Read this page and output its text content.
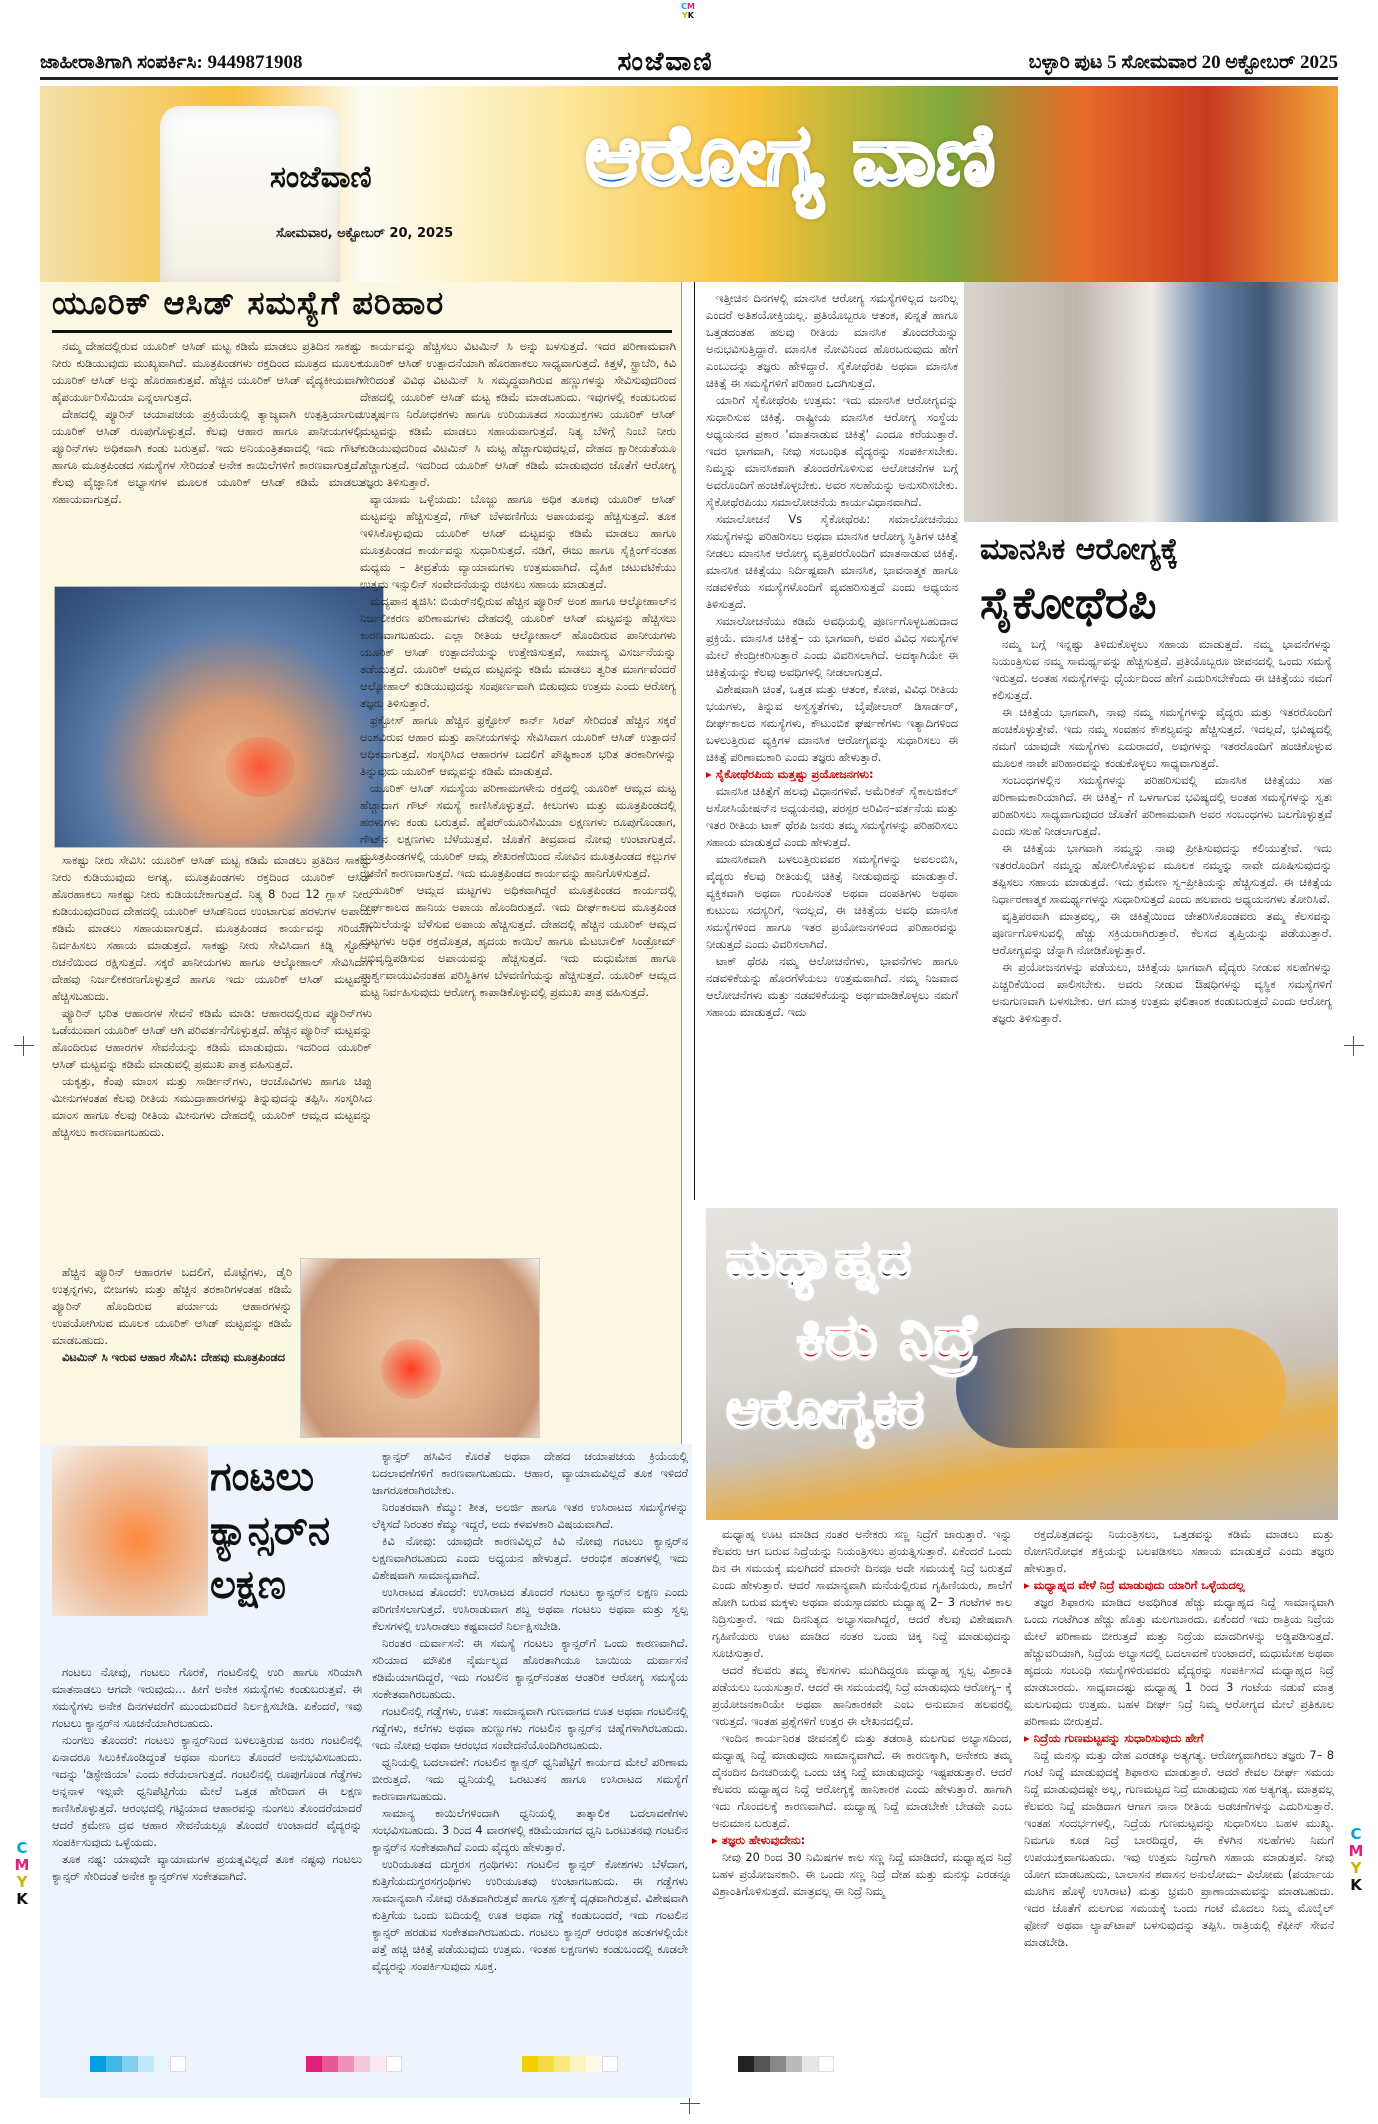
CM
YK
ಜಾಹೀರಾತಿಗಾಗಿ ಸಂಪರ್ಕಿಸಿ: 9449871908	ಸಂಜೆವಾಣಿ	ಬಳ್ಳಾರಿ ಪುಟ 5 ಸೋಮವಾರ 20 ಅಕ್ಟೋಬರ್ 2025
ಸಂಜೆವಾಣಿ
ಸೋಮವಾರ, ಅಕ್ಟೋಬರ್ 20, 2025
ಆರೋಗ್ಯ ವಾಣಿ
ಯೂರಿಕ್ ಆಸಿಡ್ ಸಮಸ್ಯೆಗೆ ಪರಿಹಾರ

ನಮ್ಮ ದೇಹದಲ್ಲಿರುವ ಯೂರಿಕ್ ಆಸಿಡ್ ಮಟ್ಟ ಕಡಿಮೆ ಮಾಡಲು ಪ್ರತಿದಿನ ಸಾಕಷ್ಟು ನೀರು ಕುಡಿಯುವುದು ಮುಖ್ಯವಾಗಿದೆ. ಮೂತ್ರಪಿಂಡಗಳು ರಕ್ತದಿಂದ ಮೂತ್ರದ ಮೂಲಕ ಯೂರಿಕ್ ಆಸಿಡ್ ಅನ್ನು ಹೊರಹಾಕುತ್ತವೆ. ಹೆಚ್ಚಿನ ಯೂರಿಕ್ ಆಸಿಡ್ ವೈದ್ಯಕೀಯವಾಗಿ ಹೈಪರ್ಯೂರಿಸೆಮಿಯಾ ಎನ್ನಲಾಗುತ್ತದೆ.

ದೇಹದಲ್ಲಿ ಪ್ಯೂರಿನ್ ಚಯಾಪಚಯ ಪ್ರಕ್ರಿಯೆಯಲ್ಲಿ ತ್ಯಾಜ್ಯವಾಗಿ ಉತ್ಪತ್ತಿಯಾಗುವ ಯೂರಿಕ್ ಆಸಿಡ್ ರೂಪುಗೊಳ್ಳುತ್ತದೆ. ಕೆಲವು ಆಹಾರ ಹಾಗೂ ಪಾನೀಯಗಳಲ್ಲಿ ಪ್ಯೂರಿನ್‌ಗಳು ಅಧಿಕವಾಗಿ ಕಂಡು ಬರುತ್ತವೆ. ಇದು ಅನಿಯಂತ್ರಿತವಾದಲ್ಲಿ ಇದು ಗೌಟ್ ಹಾಗೂ ಮೂತ್ರಪಿಂಡದ ಸಮಸ್ಯೆಗಳ ಸೇರಿದಂತೆ ಅನೇಕ ಕಾಯಿಲೆಗಳಿಗೆ ಕಾರಣವಾಗುತ್ತದೆ. ಕೆಲವು ವೈಜ್ಞಾನಿಕ ಅಭ್ಯಾಸಗಳ ಮೂಲಕ ಯೂರಿಕ್ ಆಸಿಡ್ ಕಡಿಮೆ ಮಾಡಲು ಸಹಾಯವಾಗುತ್ತದೆ.

ಸಾಕಷ್ಟು ನೀರು ಸೇವಿಸಿ: ಯೂರಿಕ್ ಆಸಿಡ್ ಮಟ್ಟ ಕಡಿಮೆ ಮಾಡಲು ಪ್ರತಿದಿನ ಸಾಕಷ್ಟು ನೀರು ಕುಡಿಯುವುದು ಅಗತ್ಯ. ಮೂತ್ರಪಿಂಡಗಳು ರಕ್ತದಿಂದ ಯೂರಿಕ್ ಆಸಿಡ್ ಹೊರಹಾಕಲು ಸಾಕಷ್ಟು ನೀರು ಕುಡಿಯಬೇಕಾಗುತ್ತದೆ. ನಿತ್ಯ 8 ರಿಂದ 12 ಗ್ಲಾಸ್ ನೀರು ಕುಡಿಯುವುದರಿಂದ ದೇಹದಲ್ಲಿ ಯೂರಿಕ್ ಆಸಿಡ್‌ನಿಂದ ಉಂಟಾಗುವ ಹರಳುಗಳ ಅಪಾಯ ಕಡಿಮೆ ಮಾಡಲು ಸಹಾಯವಾಗುತ್ತದೆ. ಮೂತ್ರಪಿಂಡದ ಕಾರ್ಯವನ್ನು ಸರಿಯಾಗಿ ನಿರ್ವಹಿಸಲು ಸಹಾಯ ಮಾಡುತ್ತದೆ. ಸಾಕಷ್ಟು ನೀರು ಸೇವಿಸಿದಾಗ ಕಿಡ್ನಿ ಸ್ಟೋನ್ ರಚನೆಯಿಂದ ರಕ್ಷಿಸುತ್ತದೆ. ಸಕ್ಕರೆ ಪಾನೀಯಗಳು ಹಾಗೂ ಆಲ್ಕೋಹಾಲ್ ಸೇವಿಸಿದಾಗ ದೇಹವು ನಿರ್ಜಲೀಕರಣಗೊಳ್ಳುತ್ತದೆ ಹಾಗೂ ಇದು ಯೂರಿಕ್ ಆಸಿಡ್ ಮಟ್ಟವನ್ನು ಹೆಚ್ಚಿಸಬಹುದು.

ಪ್ಯೂರಿನ್ ಭರಿತ ಆಹಾರಗಳ ಸೇವನೆ ಕಡಿಮೆ ಮಾಡಿ: ಆಹಾರದಲ್ಲಿರುವ ಪ್ಯೂರಿನ್‌ಗಳು ಒಡೆಯುವಾಗ ಯೂರಿಕ್ ಆಸಿಡ್ ಆಗಿ ಪರಿವರ್ತನೆಗೊಳ್ಳುತ್ತದೆ. ಹೆಚ್ಚಿನ ಪ್ಯೂರಿನ್ ಮಟ್ಟವನ್ನು ಹೊಂದಿರುವ ಆಹಾರಗಳ ಸೇವನೆಯನ್ನು ಕಡಿಮೆ ಮಾಡುವುದು. ಇದರಿಂದ ಯೂರಿಕ್ ಆಸಿಡ್ ಮಟ್ಟವನ್ನು ಕಡಿಮೆ ಮಾಡುವಲ್ಲಿ ಪ್ರಮುಖ ಪಾತ್ರ ವಹಿಸುತ್ತದೆ.

ಯಕೃತ್ತು, ಕೆಂಪು ಮಾಂಸ ಮತ್ತು ಸಾರ್ಡೀನ್‌ಗಳು, ಆಂಚೊವಿಗಳು ಹಾಗೂ ಚಿಪ್ಪು ಮೀನುಗಳಂತಹ ಕೆಲವು ರೀತಿಯ ಸಮುದ್ರಾಹಾರಗಳನ್ನು ತಿನ್ನುವುದನ್ನು ತಪ್ಪಿಸಿ. ಸಂಸ್ಕರಿಸಿದ ಮಾಂಸ ಹಾಗೂ ಕೆಲವು ರೀತಿಯ ಮೀನುಗಳು ದೇಹದಲ್ಲಿ ಯೂರಿಕ್ ಆಮ್ಲದ ಮಟ್ಟವನ್ನು ಹೆಚ್ಚಿಸಲು ಕಾರಣವಾಗಬಹುದು.

ಹೆಚ್ಚಿನ ಪ್ಯೂರಿನ್ ಆಹಾರಗಳ ಬದಲಿಗೆ, ಮೊಟ್ಟೆಗಳು, ಡೈರಿ ಉತ್ಪನ್ನಗಳು, ಬೀಜಗಳು ಮತ್ತು ಹೆಚ್ಚಿನ ತರಕಾರಿಗಳಂತಹ ಕಡಿಮೆ ಪ್ಯೂರಿನ್ ಹೊಂದಿರುವ ಪರ್ಯಾಯ ಆಹಾರಗಳನ್ನು ಉಪಯೋಗಿಸುವ ಮೂಲಕ ಯೂರಿಕ್ ಆಸಿಡ್ ಮಟ್ಟವನ್ನು ಕಡಿಮೆ ಮಾಡಬಹುದು.

ವಿಟಮಿನ್ ಸಿ ಇರುವ ಆಹಾರ ಸೇವಿಸಿ: ದೇಹವು ಮೂತ್ರಪಿಂಡದ

ಕಾರ್ಯವನ್ನು ಹೆಚ್ಚಿಸಲು ವಿಟಮಿನ್ ಸಿ ಅನ್ನು ಬಳಸುತ್ತದೆ. ಇದರ ಪರಿಣಾಮವಾಗಿ ಯೂರಿಕ್ ಆಸಿಡ್ ಉತ್ಪಾದನೆಯಾಗಿ ಹೊರಹಾಕಲು ಸಾಧ್ಯವಾಗುತ್ತದೆ. ಕಿತ್ತಳೆ, ಸ್ಟ್ರಾಬೆರಿ, ಕಿವಿ ಸೇರಿದಂತೆ ವಿವಿಧ ವಿಟಮಿನ್ ಸಿ ಸಮೃದ್ಧವಾಗಿರುವ ಹಣ್ಣುಗಳನ್ನು ಸೇವಿಸುವುದರಿಂದ ದೇಹದಲ್ಲಿ ಯೂರಿಕ್ ಆಸಿಡ್ ಮಟ್ಟ ಕಡಿಮೆ ಮಾಡಬಹುದು. ಇವುಗಳಲ್ಲಿ ಕಂಡುಬರುವ ಉತ್ಕರ್ಷಣ ನಿರೋಧಕಗಳು ಹಾಗೂ ಉರಿಯೂತದ ಸಂಯುಕ್ತಗಳು ಯೂರಿಕ್ ಆಸಿಡ್ ಮಟ್ಟವನ್ನು ಕಡಿಮೆ ಮಾಡಲು ಸಹಾಯವಾಗುತ್ತದೆ. ನಿತ್ಯ ಬೆಳಿಗ್ಗೆ ನಿಂಬೆ ನೀರು ಕುಡಿಯುವುದರಿಂದ ವಿಟಮಿನ್ ಸಿ ಮಟ್ಟ ಹೆಚ್ಚಾಗುವುದಲ್ಲದೆ, ದೇಹದ ಕ್ಷಾರೀಯತೆಯೂ ಹೆಚ್ಚಾಗುತ್ತದೆ. ಇದರಿಂದ ಯೂರಿಕ್ ಆಸಿಡ್ ಕಡಿಮೆ ಮಾಡುವುದರ ಜೊತೆಗೆ ಆರೋಗ್ಯ ತಜ್ಞರು ತಿಳಿಸುತ್ತಾರೆ.

ವ್ಯಾಯಾಮ ಒಳ್ಳೆಯದು: ಬೊಜ್ಜು ಹಾಗೂ ಅಧಿಕ ತೂಕವು ಯೂರಿಕ್ ಆಸಿಡ್ ಮಟ್ಟವನ್ನು ಹೆಚ್ಚಿಸುತ್ತದೆ, ಗೌಟ್ ಬೆಳವಣಿಗೆಯ ಅಪಾಯವನ್ನು ಹೆಚ್ಚಿಸುತ್ತದೆ. ತೂಕ ಇಳಿಸಿಕೊಳ್ಳುವುದು ಯೂರಿಕ್ ಆಸಿಡ್ ಮಟ್ಟವನ್ನು ಕಡಿಮೆ ಮಾಡಲು ಹಾಗೂ ಮೂತ್ರಪಿಂಡದ ಕಾರ್ಯವನ್ನು ಸುಧಾರಿಸುತ್ತದೆ. ನಡಿಗೆ, ಈಜು ಹಾಗೂ ಸೈಕ್ಲಿಂಗ್‌ನಂತಹ ಮಧ್ಯಮ – ತೀವ್ರತೆಯ ವ್ಯಾಯಾಮಗಳು ಉತ್ತಮವಾಗಿದೆ. ದೈಹಿಕ ಚಟುವಟಿಕೆಯು ಉತ್ತಮ ಇನ್ಸುಲಿನ್ ಸಂವೇದನೆಯನ್ನು ರಚಿಸಲು ಸಹಾಯ ಮಾಡುತ್ತದೆ.

ಮದ್ಯಪಾನ ತ್ಯಜಿಸಿ: ಬಿಯರ್‌ನಲ್ಲಿರುವ ಹೆಚ್ಚಿನ ಪ್ಯೂರಿನ್ ಅಂಶ ಹಾಗೂ ಆಲ್ಕೋಹಾಲ್‌ನ ನಿರ್ಜಲೀಕರಣ ಪರಿಣಾಮಗಳು ದೇಹದಲ್ಲಿ ಯೂರಿಕ್ ಆಸಿಡ್ ಮಟ್ಟವನ್ನು ಹೆಚ್ಚಿಸಲು ಕಾರಣವಾಗಬಹುದು. ಎಲ್ಲಾ ರೀತಿಯ ಆಲ್ಕೋಹಾಲ್ ಹೊಂದಿರುವ ಪಾನೀಯಗಳು ಯೂರಿಕ್ ಆಸಿಡ್ ಉತ್ಪಾದನೆಯನ್ನು ಉತ್ತೇಜಿಸುತ್ತವೆ, ಸಾಮಾನ್ಯ ವಿಸರ್ಜನೆಯನ್ನು ತಡೆಯುತ್ತದೆ. ಯೂರಿಕ್ ಆಮ್ಲದ ಮಟ್ಟವನ್ನು ಕಡಿಮೆ ಮಾಡಲು ತ್ವರಿತ ಮಾರ್ಗವೆಂದರೆ ಆಲ್ಕೋಹಾಲ್ ಕುಡಿಯುವುದನ್ನು ಸಂಪೂರ್ಣವಾಗಿ ಬಿಡುವುದು ಉತ್ತಮ ಎಂದು ಆರೋಗ್ಯ ತಜ್ಞರು ತಿಳಿಸುತ್ತಾರೆ.

ಫ್ರಕ್ಟೋಸ್ ಹಾಗೂ ಹೆಚ್ಚಿನ ಫ್ರಕ್ಟೋಸ್ ಕಾರ್ನ್ ಸಿರಪ್ ಸೇರಿದಂತೆ ಹೆಚ್ಚಿನ ಸಕ್ಕರೆ ಅಂಶವಿರುವ ಆಹಾರ ಮತ್ತು ಪಾನೀಯಗಳನ್ನು ಸೇವಿಸಿದಾಗ ಯೂರಿಕ್ ಆಸಿಡ್ ಉತ್ಪಾದನೆ ಅಧಿಕವಾಗುತ್ತದೆ. ಸಂಸ್ಕರಿಸಿದ ಆಹಾರಗಳ ಬದಲಿಗೆ ಪೌಷ್ಟಿಕಾಂಶ ಭರಿತ ತರಕಾರಿಗಳನ್ನು ತಿನ್ನುವುದು ಯೂರಿಕ್ ಆಮ್ಲವನ್ನು ಕಡಿಮೆ ಮಾಡುತ್ತದೆ.

ಯೂರಿಕ್ ಆಸಿಡ್ ಸಮಸ್ಯೆಯ ಪರಿಣಾಮಗಳೇನು ರಕ್ತದಲ್ಲಿ ಯೂರಿಕ್ ಆಮ್ಲದ ಮಟ್ಟ ಹೆಚ್ಚಾದಾಗ ಗೌಟ್ ಸಮಸ್ಯೆ ಕಾಣಿಸಿಕೊಳ್ಳುತ್ತದೆ. ಕೀಲುಗಳು ಮತ್ತು ಮೂತ್ರಪಿಂಡದಲ್ಲಿ ಹರಳುಗಳು ಕಂಡು ಬರುತ್ತವೆ. ಹೈಪರ್‌ಯೂರಿಸೆಮಿಯಾ ಲಕ್ಷಣಗಳು ರೂಪುಗೊಂಡಾಗ, ಗೌಟ್‌ನ ಲಕ್ಷಣಗಳು ಬೆಳೆಯುತ್ತವೆ. ಜೊತೆಗೆ ತೀವ್ರವಾದ ನೋವು ಉಂಟಾಗುತ್ತದೆ. ಮೂತ್ರಪಿಂಡಗಳಲ್ಲಿ ಯೂರಿಕ್ ಆಮ್ಲ ಶೇಖರಣೆಯಿಂದ ನೋವಿನ ಮೂತ್ರಪಿಂಡದ ಕಲ್ಲುಗಳ ರಚನೆಗೆ ಕಾರಣವಾಗುತ್ತದೆ. ಇದು ಮೂತ್ರಪಿಂಡದ ಕಾರ್ಯವನ್ನು ಹಾನಿಗೊಳಿಸುತ್ತದೆ.

ಯೂರಿಕ್ ಆಮ್ಲದ ಮಟ್ಟಗಳು ಅಧಿಕವಾಗಿದ್ದರೆ ಮೂತ್ರಪಿಂಡದ ಕಾರ್ಯದಲ್ಲಿ ದೀರ್ಘಕಾಲದ ಹಾನಿಯ ಅಪಾಯ ಹೊಂದಿರುತ್ತದೆ. ಇದು ದೀರ್ಘಕಾಲದ ಮೂತ್ರಪಿಂಡ ಕಾಯಿಲೆಯನ್ನು ಬೆಳೆಸುವ ಅಪಾಯ ಹೆಚ್ಚಿಸುತ್ತದೆ. ದೇಹದಲ್ಲಿ ಹೆಚ್ಚಿನ ಯೂರಿಕ್ ಆಮ್ಲದ ಮಟ್ಟಗಳು ಅಧಿಕ ರಕ್ತದೊತ್ತಡ, ಹೃದಯ ಕಾಯಿಲೆ ಹಾಗೂ ಮೆಟಬಾಲಿಕ್ ಸಿಂಡ್ರೋಮ್ ಅಭಿವೃದ್ಧಿಪಡಿಸುವ ಅಪಾಯವನ್ನು ಹೆಚ್ಚಿಸುತ್ತದೆ. ಇದು ಮಧುಮೇಹ ಹಾಗೂ ಪಾರ್ಶ್ವವಾಯುವಿನಂತಹ ಪರಿಸ್ಥಿತಿಗಳ ಬೆಳವಣಿಗೆಯನ್ನು ಹೆಚ್ಚಿಸುತ್ತದೆ. ಯೂರಿಕ್ ಆಮ್ಲದ ಮಟ್ಟ ನಿರ್ವಹಿಸುವುದು ಆರೋಗ್ಯ ಕಾಪಾಡಿಕೊಳ್ಳುವಲ್ಲಿ ಪ್ರಮುಖ ಪಾತ್ರ ವಹಿಸುತ್ತದೆ.

ಗಂಟಲು ಕ್ಯಾನ್ಸರ್‌ನ ಲಕ್ಷಣ

ಗಂಟಲು ನೋವು, ಗಂಟಲು ಗೊರಕೆ, ಗಂಟಲಿನಲ್ಲಿ ಉರಿ ಹಾಗೂ ಸರಿಯಾಗಿ ಮಾತನಾಡಲು ಆಗದೇ ಇರುವುದು... ಹೀಗೆ ಅನೇಕ ಸಮಸ್ಯೆಗಳು ಕಂಡುಬರುತ್ತವೆ. ಈ ಸಮಸ್ಯೆಗಳು ಅನೇಕ ದಿನಗಳವರೆಗೆ ಮುಂದುವರಿದರೆ ನಿರ್ಲಕ್ಷಿಸಬೇಡಿ. ಏಕೆಂದರೆ, ಇವು ಗಂಟಲು ಕ್ಯಾನ್ಸರ್‌ನ ಸೂಚನೆಯಾಗಿರಬಹುದು.

ನುಂಗಲು ತೊಂದರೆ: ಗಂಟಲು ಕ್ಯಾನ್ಸರ್‌ನಿಂದ ಬಳಲುತ್ತಿರುವ ಜನರು ಗಂಟಲಿನಲ್ಲಿ ಏನಾದರೂ ಸಿಲುಕಿಕೊಂಡಿದ್ದಂತೆ ಅಥವಾ ನುಂಗಲು ತೊಂದರೆ ಅನುಭವಿಸಬಹುದು. ಇದನ್ನು 'ಡಿಸ್ಫೇಜಿಯಾ' ಎಂದು ಕರೆಯಲಾಗುತ್ತದೆ. ಗಂಟಲಿನಲ್ಲಿ ರೂಪುಗೊಂಡ ಗೆಡ್ಡೆಗಳು ಅನ್ನನಾಳ ಇಲ್ಲವೇ ಧ್ವನಿಪೆಟ್ಟಿಗೆಯ ಮೇಲೆ ಒತ್ತಡ ಹೇರಿದಾಗ ಈ ಲಕ್ಷಣ ಕಾಣಿಸಿಕೊಳ್ಳುತ್ತದೆ. ಆರಂಭದಲ್ಲಿ ಗಟ್ಟಿಯಾದ ಆಹಾರವನ್ನು ನುಂಗಲು ತೊಂದರೆಯಾದರೆ ಆದರೆ ಕ್ರಮೇಣ ದ್ರವ ಆಹಾರ ಸೇವನೆಯಲ್ಲೂ ತೊಂದರೆ ಉಂಟಾದರೆ ವೈದ್ಯರನ್ನು ಸಂಪರ್ಕಿಸುವುದು ಒಳ್ಳೆಯದು.

ತೂಕ ನಷ್ಟ: ಯಾವುದೇ ವ್ಯಾಯಾಮಗಳ ಪ್ರಯತ್ನವಿಲ್ಲದೆ ತೂಕ ನಷ್ಟವು ಗಂಟಲು ಕ್ಯಾನ್ಸರ್ ಸೇರಿದಂತೆ ಅನೇಕ ಕ್ಯಾನ್ಸರ್‌ಗಳ ಸಂಕೇತವಾಗಿದೆ.

ಕ್ಯಾನ್ಸರ್ ಹಸಿವಿನ ಕೊರತೆ ಅಥವಾ ದೇಹದ ಚಯಾಪಚಯ ಕ್ರಿಯೆಯಲ್ಲಿ ಬದಲಾವಣೆಗಳಿಗೆ ಕಾರಣವಾಗಬಹುದು. ಆಹಾರ, ವ್ಯಾಯಾಮವಿಲ್ಲದೆ ತೂಕ ಇಳಿದರೆ ಜಾಗರೂಕರಾಗಿರಬೇಕು.

ನಿರಂತರವಾಗಿ ಕೆಮ್ಮು: ಶೀತ, ಅಲರ್ಜಿ ಹಾಗೂ ಇತರ ಉಸಿರಾಟದ ಸಮಸ್ಯೆಗಳನ್ನು ಲೆಕ್ಕಿಸದೆ ನಿರಂತರ ಕೆಮ್ಮು ಇದ್ದರೆ, ಅದು ಕಳವಳಕಾರಿ ವಿಷಯವಾಗಿದೆ.

ಕಿವಿ ನೋವು: ಯಾವುದೇ ಕಾರಣವಿಲ್ಲದೆ ಕಿವಿ ನೋವು ಗಂಟಲು ಕ್ಯಾನ್ಸರ್‌ನ ಲಕ್ಷಣವಾಗಿರಬಹುದು ಎಂದು ಅಧ್ಯಯನ ಹೇಳುತ್ತದೆ. ಆರಂಭಿಕ ಹಂತಗಳಲ್ಲಿ ಇದು ವಿಶೇಷವಾಗಿ ಸಾಮಾನ್ಯವಾಗಿದೆ.

ಉಸಿರಾಟದ ತೊಂದರೆ: ಉಸಿರಾಟದ ತೊಂದರೆ ಗಂಟಲು ಕ್ಯಾನ್ಸರ್‌ನ ಲಕ್ಷಣ ಎಂದು ಪರಿಗಣಿಸಲಾಗುತ್ತದೆ. ಉಸಿರಾಡುವಾಗ ಶಬ್ದ ಅಥವಾ ಗಂಟಲು ಅಥವಾ ಮತ್ತು ಸ್ವಲ್ಪ ಕೆಲಸಗಳಲ್ಲಿ ಉಸಿರಾಡಲು ಕಷ್ಟವಾದರೆ ನಿರ್ಲಕ್ಷಿಸಬೇಡಿ.

ನಿರಂತರ ದುರ್ವಾಸನೆ: ಈ ಸಮಸ್ಯೆ ಗಂಟಲು ಕ್ಯಾನ್ಸರ್‌ಗೆ ಒಂದು ಕಾರಣವಾಗಿದೆ. ಸರಿಯಾದ ಮೌಖಿಕ ನೈರ್ಮಲ್ಯದ ಹೊರತಾಗಿಯೂ ಬಾಯಿಯ ದುರ್ವಾಸನೆ ಕಡಿಮೆಯಾಗದಿದ್ದರೆ, ಇದು ಗಂಟಲಿನ ಕ್ಯಾನ್ಸರ್‌ನಂತಹ ಆಂತರಿಕ ಆರೋಗ್ಯ ಸಮಸ್ಯೆಯ ಸಂಕೇತವಾಗಿರಬಹುದು.

ಗಂಟಲಿನಲ್ಲಿ ಗಡ್ಡೆಗಳು, ಊತ: ಸಾಮಾನ್ಯವಾಗಿ ಗುಣವಾಗದ ಊತ ಅಥವಾ ಗಂಟಲಿನಲ್ಲಿ ಗಡ್ಡೆಗಳು, ಕಲೆಗಳು ಅಥವಾ ಹುಣ್ಣುಗಳು ಗಂಟಲಿನ ಕ್ಯಾನ್ಸರ್‌ನ ಚಿಹ್ನೆಗಳಾಗಿರಬಹುದು. ಇದು ನೋವು ಅಥವಾ ಆರಂಭದ ಸಂವೇದನೆಯೊಂದಿಗಿರಬಹುದು.

ಧ್ವನಿಯಲ್ಲಿ ಬದಲಾವಣೆ: ಗಂಟಲಿನ ಕ್ಯಾನ್ಸರ್ ಧ್ವನಿಪೆಟ್ಟಿಗೆ ಕಾರ್ಯದ ಮೇಲೆ ಪರಿಣಾಮ ಬೀರುತ್ತದೆ. ಇದು ಧ್ವನಿಯಲ್ಲಿ ಒರಟುತನ ಹಾಗೂ ಉಸಿರಾಟದ ಸಮಸ್ಯೆಗೆ ಕಾರಣವಾಗಬಹುದು.

ಸಾಮಾನ್ಯ ಕಾಯಿಲೆಗಳಿಂದಾಗಿ ಧ್ವನಿಯಲ್ಲಿ ತಾತ್ಕಾಲಿಕ ಬದಲಾವಣೆಗಳು ಸಂಭವಿಸಬಹುದು. 3 ರಿಂದ 4 ವಾರಗಳಲ್ಲಿ ಕಡಿಮೆಯಾಗದ ಧ್ವನಿ ಒರಟುತನವು ಗಂಟಲಿನ ಕ್ಯಾನ್ಸರ್‌ನ ಸಂಕೇತವಾಗಿದೆ ಎಂದು ವೈದ್ಯರು ಹೇಳುತ್ತಾರೆ.

ಉರಿಯೂತದ ದುಗ್ಧರಸ ಗ್ರಂಥಿಗಳು: ಗಂಟಲಿನ ಕ್ಯಾನ್ಸರ್ ಕೋಶಗಳು ಬೆಳೆದಾಗ, ಕುತ್ತಿಗೆಯದುಗ್ಧರಸಗ್ರಂಥಿಗಳು ಉರಿಯೂತವು ಉಂಟಾಗಬಹುದು. ಈ ಗಡ್ಡೆಗಳು ಸಾಮಾನ್ಯವಾಗಿ ನೋವು ರಹಿತವಾಗಿರುತ್ತವೆ ಹಾಗೂ ಸ್ಪರ್ಶಕ್ಕೆ ದೃಢವಾಗಿರುತ್ತವೆ. ವಿಶೇಷವಾಗಿ ಕುತ್ತಿಗೆಯ ಒಂದು ಬದಿಯಲ್ಲಿ ಊತ ಅಥವಾ ಗಡ್ಡೆ ಕಂಡುಬಂದರೆ, ಇದು ಗಂಟಲಿನ ಕ್ಯಾನ್ಸರ್ ಹರಡುವ ಸಂಕೇತವಾಗಿರಬಹುದು. ಗಂಟಲು ಕ್ಯಾನ್ಸರ್ ಆರಂಭಿಕ ಹಂತಗಳಲ್ಲಿಯೇ ಪತ್ತೆ ಹಚ್ಚಿ ಚಿಕಿತ್ಸೆ ಪಡೆಯುವುದು ಉತ್ತಮ. ಇಂತಹ ಲಕ್ಷಣಗಳು ಕಂಡುಬಂದಲ್ಲಿ ಕೂಡಲೇ ವೈದ್ಯರನ್ನು ಸಂಪರ್ಕಿಸುವುದು ಸೂಕ್ತ.

ಇತ್ತೀಚಿನ ದಿನಗಳಲ್ಲಿ ಮಾನಸಿಕ ಆರೋಗ್ಯ ಸಮಸ್ಯೆಗಳಿಲ್ಲದ ಜನರಿಲ್ಲ ಎಂದರೆ ಅತಿಶಯೋಕ್ತಿಯಲ್ಲ. ಪ್ರತಿಯೊಬ್ಬರೂ ಆತಂಕ, ಖಿನ್ನತೆ ಹಾಗೂ ಒತ್ತಡದಂತಹ ಹಲವು ರೀತಿಯ ಮಾನಸಿಕ ತೊಂದರೆಯನ್ನು ಅನುಭವಿಸುತ್ತಿದ್ದಾರೆ. ಮಾನಸಿಕ ನೋವಿನಿಂದ ಹೊರಬರುವುದು ಹೇಗೆ ಎಂಬುದನ್ನು ತಜ್ಞರು ಹೇಳಿದ್ದಾರೆ. ಸೈಕೋಥೆರಪಿ ಅಥವಾ ಮಾನಸಿಕ ಚಿಕಿತ್ಸೆ ಈ ಸಮಸ್ಯೆಗಳಿಗೆ ಪರಿಹಾರ ಒದಗಿಸುತ್ತದೆ.

ಯಾರಿಗೆ ಸೈಕೋಥೆರಪಿ ಉತ್ತಮ: ಇದು ಮಾನಸಿಕ ಆರೋಗ್ಯವನ್ನು ಸುಧಾರಿಸುವ ಚಿಕಿತ್ಸೆ. ರಾಷ್ಟ್ರೀಯ ಮಾನಸಿಕ ಆರೋಗ್ಯ ಸಂಸ್ಥೆಯ ಅಧ್ಯಯನದ ಪ್ರಕಾರ 'ಮಾತನಾಡುವ ಚಿಕಿತ್ಸೆ' ಎಂದೂ ಕರೆಯುತ್ತಾರೆ. ಇದರ ಭಾಗವಾಗಿ, ನೀವು ಸಂಬಂಧಿತ ವೈದ್ಯರನ್ನು ಸಂಪರ್ಕಿಸಬೇಕು. ನಿಮ್ಮನ್ನು ಮಾನಸಿಕವಾಗಿ ತೊಂದರೆಗೊಳಿಸುವ ಆಲೋಚನೆಗಳ ಬಗ್ಗೆ ಅವರೊಂದಿಗೆ ಹಂಚಿಕೊಳ್ಳಬೇಕು. ಅವರ ಸಲಹೆಯನ್ನು ಅನುಸರಿಸಬೇಕು. ಸೈಕೋಥೆರಪಿಯು ಸಮಾಲೋಚನೆಯ ಕಾರ್ಯವಿಧಾನವಾಗಿದೆ.

ಸಮಾಲೋಚನೆ Vs ಸೈಕೋಥೆರಪಿ: ಸಮಾಲೋಚನೆಯು ಸಮಸ್ಯೆಗಳನ್ನು ಪರಿಹರಿಸಲು ಅಥವಾ ಮಾನಸಿಕ ಆರೋಗ್ಯ ಸ್ಥಿತಿಗಳ ಚಿಕಿತ್ಸೆ ನೀಡಲು ಮಾನಸಿಕ ಆರೋಗ್ಯ ವೃತ್ತಿಪರರೊಂದಿಗೆ ಮಾತನಾಡುವ ಚಿಕಿತ್ಸೆ. ಮಾನಸಿಕ ಚಿಕಿತ್ಸೆಯು ನಿರ್ದಿಷ್ಟವಾಗಿ ಮಾನಸಿಕ, ಭಾವನಾತ್ಮಕ ಹಾಗೂ ನಡವಳಿಕೆಯ ಸಮಸ್ಯೆಗಳೊಂದಿಗೆ ವ್ಯವಹರಿಸುತ್ತದೆ ಎಂದು ಅಧ್ಯಯನ ತಿಳಿಸುತ್ತದೆ.

ಸಮಾಲೋಚನೆಯು ಕಡಿಮೆ ಅವಧಿಯಲ್ಲಿ ಪೂರ್ಣಗೊಳ್ಳಬಹುದಾದ ಪ್ರಕ್ರಿಯೆ. ಮಾನಸಿಕ ಚಿಕಿತ್ಸೆ– ಯ ಭಾಗವಾಗಿ, ಅವರ ವಿವಿಧ ಸಮಸ್ಯೆಗಳ ಮೇಲೆ ಕೇಂದ್ರೀಕರಿಸುತ್ತಾರೆ ಎಂದು ವಿವರಿಸಲಾಗಿದೆ. ಅದಕ್ಕಾಗಿಯೇ ಈ ಚಿಕಿತ್ಸೆಯನ್ನು ಕೆಲವು ಅವಧಿಗಳಲ್ಲಿ ನೀಡಲಾಗುತ್ತದೆ.

ವಿಶೇಷವಾಗಿ ಚಿಂತೆ, ಒತ್ತಡ ಮತ್ತು ಆತಂಕ, ಕೋಪ, ವಿವಿಧ ರೀತಿಯ ಭಯಗಳು, ತಿನ್ನುವ ಅಸ್ವಸ್ಥತೆಗಳು, ಬೈಪೋಲಾರ್ ಡಿಸಾರ್ಡರ್, ದೀರ್ಘಕಾಲದ ಸಮಸ್ಯೆಗಳು, ಕೌಟುಂಬಿಕ ಘರ್ಷಣೆಗಳು ಇತ್ಯಾದಿಗಳಿಂದ ಬಳಲುತ್ತಿರುವ ವ್ಯಕ್ತಿಗಳ ಮಾನಸಿಕ ಆರೋಗ್ಯವನ್ನು ಸುಧಾರಿಸಲು ಈ ಚಿಕಿತ್ಸೆ ಪರಿಣಾಮಕಾರಿ ಎಂದು ತಜ್ಞರು ಹೇಳುತ್ತಾರೆ.

▸ ಸೈಕೋಥೆರಪಿಯ ಮತ್ತಷ್ಟು ಪ್ರಯೋಜನಗಳು:

ಮಾನಸಿಕ ಚಿಕಿತ್ಸೆಗೆ ಹಲವು ವಿಧಾನಗಳಿವೆ. ಅಮೆರಿಕನ್ ಸೈಕಾಲಜಿಕಲ್ ಅಸೋಸಿಯೇಷನ್‌ನ ಅಧ್ಯಯನವು, ಪರಸ್ಪರ ಅರಿವಿನ–ವರ್ತನೆಯ ಮತ್ತು ಇತರ ರೀತಿಯ ಟಾಕ್ ಥೆರಪಿ ಜನರು ತಮ್ಮ ಸಮಸ್ಯೆಗಳನ್ನು ಪರಿಹರಿಸಲು ಸಹಾಯ ಮಾಡುತ್ತದೆ ಎಂದು ಹೇಳುತ್ತದೆ.

ಮಾನಸಿಕವಾಗಿ ಬಳಲುತ್ತಿರುವವರ ಸಮಸ್ಯೆಗಳನ್ನು ಅವಲಂಬಿಸಿ, ವೈದ್ಯರು ಕೆಲವು ರೀತಿಯಲ್ಲಿ ಚಿಕಿತ್ಸೆ ನೀಡುವುದನ್ನು ಮಾಡುತ್ತಾರೆ. ವ್ಯಕ್ತಿಕವಾಗಿ ಅಥವಾ ಗುಂಪಿನಂತೆ ಅಥವಾ ದಂಪತಿಗಳು ಅಥವಾ ಕುಟುಂಬ ಸದಸ್ಯರಿಗೆ, ಇದಲ್ಲದೆ, ಈ ಚಿಕಿತ್ಸೆಯ ಅವಧಿ ಮಾನಸಿಕ ಸಮಸ್ಯೆಗಳಿಂದ ಹಾಗೂ ಇತರ ಪ್ರಯೋಜನಗಳಿಂದ ಪರಿಹಾರವನ್ನು ನೀಡುತ್ತದೆ ಎಂದು ವಿವರಿಸಲಾಗಿದೆ.

ಟಾಕ್ ಥೆರಪಿ ನಮ್ಮ ಆಲೋಚನೆಗಳು, ಭಾವನೆಗಳು ಹಾಗೂ ನಡವಳಿಕೆಯನ್ನು ಹೊರಗೆಳೆಯಲು ಉತ್ತಮವಾಗಿದೆ. ನಮ್ಮ ನಿಜವಾದ ಆಲೋಚನೆಗಳು ಮತ್ತು ನಡವಳಿಕೆಯನ್ನು ಅರ್ಥಮಾಡಿಕೊಳ್ಳಲು ನಮಗೆ ಸಹಾಯ ಮಾಡುತ್ತದೆ. ಇದು

ಮಾನಸಿಕ ಆರೋಗ್ಯಕ್ಕೆ
ಸೈಕೋಥೆರಪಿ

ನಮ್ಮ ಬಗ್ಗೆ ಇನ್ನಷ್ಟು ತಿಳಿದುಕೊಳ್ಳಲು ಸಹಾಯ ಮಾಡುತ್ತದೆ. ನಮ್ಮ ಭಾವನೆಗಳನ್ನು ನಿಯಂತ್ರಿಸುವ ನಮ್ಮ ಸಾಮರ್ಥ್ಯವನ್ನು ಹೆಚ್ಚಿಸುತ್ತದೆ. ಪ್ರತಿಯೊಬ್ಬರೂ ಜೀವನದಲ್ಲಿ ಒಂದು ಸಮಸ್ಯೆ ಇರುತ್ತದೆ. ಅಂತಹ ಸಮಸ್ಯೆಗಳನ್ನು ಧೈರ್ಯದಿಂದ ಹೇಗೆ ಎದುರಿಸಬೇಕೆಂದು ಈ ಚಿಕಿತ್ಸೆಯು ನಮಗೆ ಕಲಿಸುತ್ತದೆ.

ಈ ಚಿಕಿತ್ಸೆಯ ಭಾಗವಾಗಿ, ನಾವು ನಮ್ಮ ಸಮಸ್ಯೆಗಳನ್ನು ವೈದ್ಯರು ಮತ್ತು ಇತರರೊಂದಿಗೆ ಹಂಚಿಕೊಳ್ಳುತ್ತೇವೆ. ಇದು ನಮ್ಮ ಸಂವಹನ ಕೌಶಲ್ಯವನ್ನು ಹೆಚ್ಚಿಸುತ್ತದೆ. ಇದಲ್ಲದೆ, ಭವಿಷ್ಯದಲ್ಲಿ ನಮಗೆ ಯಾವುದೇ ಸಮಸ್ಯೆಗಳು ಎದುರಾದರೆ, ಅವುಗಳನ್ನು ಇತರರೊಂದಿಗೆ ಹಂಚಿಕೊಳ್ಳುವ ಮೂಲಕ ನಾವೇ ಪರಿಹಾರವನ್ನು ಕಂಡುಕೊಳ್ಳಲು ಸಾಧ್ಯವಾಗುತ್ತದೆ.

ಸಂಬಂಧಗಳಲ್ಲಿನ ಸಮಸ್ಯೆಗಳನ್ನು ಪರಿಹರಿಸುವಲ್ಲಿ ಮಾನಸಿಕ ಚಿಕಿತ್ಸೆಯು ಸಹ ಪರಿಣಾಮಕಾರಿಯಾಗಿದೆ. ಈ ಚಿಕಿತ್ಸೆ– ಗೆ ಒಳಗಾಗುವ ಭವಿಷ್ಯದಲ್ಲಿ ಅಂತಹ ಸಮಸ್ಯೆಗಳನ್ನು ಸ್ವತಃ ಪರಿಹರಿಸಲು ಸಾಧ್ಯವಾಗುವುದರ ಜೊತೆಗೆ ಪರಿಣಾಮವಾಗಿ ಅವರ ಸಂಬಂಧಗಳು ಬಲಗೊಳ್ಳುತ್ತವೆ ಎಂದು ಸಲಹೆ ನೀಡಲಾಗುತ್ತದೆ.

ಈ ಚಿಕಿತ್ಸೆಯ ಭಾಗವಾಗಿ ನಮ್ಮನ್ನು ನಾವು ಪ್ರೀತಿಸುವುದನ್ನು ಕಲಿಯುತ್ತೇವೆ. ಇದು ಇತರರೊಂದಿಗೆ ನಮ್ಮನ್ನು ಹೋಲಿಸಿಕೊಳ್ಳುವ ಮೂಲಕ ನಮ್ಮನ್ನು ನಾವೇ ದೂಷಿಸುವುದನ್ನು ತಪ್ಪಿಸಲು ಸಹಾಯ ಮಾಡುತ್ತದೆ. ಇದು ಕ್ರಮೇಣ ಸ್ವ–ಪ್ರೀತಿಯನ್ನು ಹೆಚ್ಚಿಸುತ್ತದೆ. ಈ ಚಿಕಿತ್ಸೆಯ ನಿರ್ಧಾರಣಾತ್ಮಕ ಸಾಮರ್ಥ್ಯಗಳನ್ನು ಸುಧಾರಿಸುತ್ತದೆ ಎಂದು ಹಲವಾರು ಅಧ್ಯಯನಗಳು ತೋರಿಸಿವೆ.

ವೃತ್ತಿಪರವಾಗಿ ಮಾತ್ರವಲ್ಲ, ಈ ಚಿಕಿತ್ಸೆಯಿಂದ ಚೇತರಿಸಿಕೊಂಡವರು ತಮ್ಮ ಕೆಲಸವನ್ನು ಪೂರ್ಣಗೊಳಿಸುವಲ್ಲಿ ಹೆಚ್ಚು ಸಕ್ರಿಯರಾಗಿರುತ್ತಾರೆ. ಕೆಲಸದ ತೃಪ್ತಿಯನ್ನು ಪಡೆಯುತ್ತಾರೆ. ಆರೋಗ್ಯವನ್ನು ಚೆನ್ನಾಗಿ ನೋಡಿಕೊಳ್ಳುತ್ತಾರೆ.

ಈ ಪ್ರಯೋಜನಗಳನ್ನು ಪಡೆಯಲು, ಚಿಕಿತ್ಸೆಯ ಭಾಗವಾಗಿ ವೈದ್ಯರು ನೀಡುವ ಸಲಹೆಗಳನ್ನು ಎಚ್ಚರಿಕೆಯಿಂದ ಪಾಲಿಸಬೇಕು. ಅವರು ನೀಡುವ ಔಷಧಿಗಳನ್ನು ವ್ಯಸ್ಥಿಕ ಸಮಸ್ಯೆಗಳಿಗೆ ಅನುಗುಣವಾಗಿ ಬಳಸಬೇಕು. ಆಗ ಮಾತ್ರ ಉತ್ತಮ ಫಲಿತಾಂಶ ಕಂಡುಬರುತ್ತದೆ ಎಂದು ಆರೋಗ್ಯ ತಜ್ಞರು ತಿಳಿಸುತ್ತಾರೆ.

ಮಧ್ಯಾಹ್ನದ
ಕಿರು ನಿದ್ರೆ
ಆರೋಗ್ಯಕರ

ಮಧ್ಯಾಹ್ನ ಊಟ ಮಾಡಿದ ನಂತರ ಅನೇಕರು ಸಣ್ಣ ನಿದ್ರೆಗೆ ಜಾರುತ್ತಾರೆ. ಇನ್ನು ಕೆಲವರು ಆಗ ಬರುವ ನಿದ್ರೆಯನ್ನು ನಿಯಂತ್ರಿಸಲು ಪ್ರಯತ್ನಿಸುತ್ತಾರೆ. ಏಕೆಂದರೆ ಒಂದು ದಿನ ಈ ಸಮಯಕ್ಕೆ ಮಲಗಿದರೆ ಮಾರನೇ ದಿನವೂ ಅದೇ ಸಮಯಕ್ಕೆ ನಿದ್ರೆ ಬರುತ್ತದೆ ಎಂದು ಹೇಳುತ್ತಾರೆ. ಆದರೆ ಸಾಮಾನ್ಯವಾಗಿ ಮನೆಯಲ್ಲಿರುವ ಗೃಹಿಣಿಯರು, ಶಾಲೆಗೆ ಹೋಗಿ ಬರುವ ಮಕ್ಕಳು ಅಥವಾ ವಯಸ್ಸಾದವರು ಮಧ್ಯಾಹ್ನ 2– 3 ಗಂಟೆಗಳ ಕಾಲ ನಿದ್ರಿಸುತ್ತಾರೆ. ಇದು ದಿನನಿತ್ಯದ ಅಭ್ಯಾಸವಾಗಿದ್ದರೆ, ಆದರೆ ಕೆಲವು ವಿಶೇಷವಾಗಿ ಗೃಹಿಣಿಯರು ಊಟ ಮಾಡಿದ ನಂತರ ಒಂದು ಚಿಕ್ಕ ನಿದ್ದೆ ಮಾಡುವುದನ್ನು ಸೂಚಿಸುತ್ತಾರೆ.

ಆದರೆ ಕೆಲವರು ತಮ್ಮ ಕೆಲಸಗಳು ಮುಗಿದಿದ್ದರೂ ಮಧ್ಯಾಹ್ನ ಸ್ವಲ್ಪ ವಿಶ್ರಾಂತಿ ಪಡೆಯಲು ಬಯಸುತ್ತಾರೆ. ಆದರೆ ಈ ಸಮಯದಲ್ಲಿ ನಿದ್ರೆ ಮಾಡುವುದು ಆರೋಗ್ಯ– ಕ್ಕೆ ಪ್ರಯೋಜನಕಾರಿಯೇ ಅಥವಾ ಹಾನಿಕಾರಕವೇ ಎಂಬ ಅನುಮಾನ ಹಲವರಲ್ಲಿ ಇರುತ್ತದೆ. ಇಂತಹ ಪ್ರಶ್ನೆಗಳಿಗೆ ಉತ್ತರ ಈ ಲೇಖನದಲ್ಲಿದೆ.

ಇಂದಿನ ಕಾರ್ಯನಿರತ ಜೀವನಶೈಲಿ ಮತ್ತು ತಡರಾತ್ರಿ ಮಲಗುವ ಅಭ್ಯಾಸದಿಂದ, ಮಧ್ಯಾಹ್ನ ನಿದ್ದೆ ಮಾಡುವುದು ಸಾಮಾನ್ಯವಾಗಿದೆ. ಈ ಕಾರಣಕ್ಕಾಗಿ, ಅನೇಕರು ತಮ್ಮ ದೈನಂದಿನ ದಿನಚರಿಯಲ್ಲಿ ಒಂದು ಚಿಕ್ಕ ನಿದ್ದೆ ಮಾಡುವುದನ್ನು ಇಷ್ಟಪಡುತ್ತಾರೆ. ಆದರೆ ಕೆಲವರು ಮಧ್ಯಾಹ್ನದ ನಿದ್ದೆ ಆರೋಗ್ಯಕ್ಕೆ ಹಾನಿಕಾರಕ ಎಂದು ಹೇಳುತ್ತಾರೆ. ಹಾಗಾಗಿ ಇದು ಗೊಂದಲಕ್ಕೆ ಕಾರಣವಾಗಿದೆ. ಮಧ್ಯಾಹ್ನ ನಿದ್ದೆ ಮಾಡಬೇಕೇ ಬೇಡವೇ ಎಂಬ ಅನುಮಾನ ಬರುತ್ತದೆ.

▸ ತಜ್ಞರು ಹೇಳುವುದೇನು:

ನೀವು 20 ರಿಂದ 30 ನಿಮಿಷಗಳ ಕಾಲ ಸಣ್ಣ ನಿದ್ದೆ ಮಾಡಿದರೆ, ಮಧ್ಯಾಹ್ನದ ನಿದ್ರೆ ಬಹಳ ಪ್ರಯೋಜನಕಾರಿ. ಈ ಒಂದು ಸಣ್ಣ ನಿದ್ರೆ ದೇಹ ಮತ್ತು ಮನಸ್ಸು ಎರಡನ್ನೂ ವಿಶ್ರಾಂತಿಗೊಳಿಸುತ್ತದೆ. ಮಾತ್ರವಲ್ಲ ಈ ನಿದ್ರೆ ನಿಮ್ಮ

ರಕ್ತದೊತ್ತಡವನ್ನು ನಿಯಂತ್ರಿಸಲು, ಒತ್ತಡವನ್ನು ಕಡಿಮೆ ಮಾಡಲು ಮತ್ತು ರೋಗನಿರೋಧಕ ಶಕ್ತಿಯನ್ನು ಬಲಪಡಿಸಲು ಸಹಾಯ ಮಾಡುತ್ತದೆ ಎಂದು ತಜ್ಞರು ಹೇಳುತ್ತಾರೆ.

▸ ಮಧ್ಯಾಹ್ನದ ವೇಳೆ ನಿದ್ರೆ ಮಾಡುವುದು ಯಾರಿಗೆ ಒಳ್ಳೆಯದಲ್ಲ

ತಜ್ಞರ ಶಿಫಾರಸು ಮಾಡಿದ ಅವಧಿಗಿಂತ ಹೆಚ್ಚು ಮಧ್ಯಾಹ್ನದ ನಿದ್ದೆ ಸಾಮಾನ್ಯವಾಗಿ ಒಂದು ಗಂಟೆಗಿಂತ ಹೆಚ್ಚು ಹೊತ್ತು ಮಲಗಬಾರದು. ಏಕೆಂದರೆ ಇದು ರಾತ್ರಿಯ ನಿದ್ರೆಯ ಮೇಲೆ ಪರಿಣಾಮ ಬೀರುತ್ತದೆ ಮತ್ತು ನಿದ್ರೆಯ ಮಾದರಿಗಳನ್ನು ಅಡ್ಡಿಪಡಿಸುತ್ತದೆ. ಹೆಚ್ಚುವರಿಯಾಗಿ, ನಿದ್ರೆಯ ಅಭ್ಯಾಸದಲ್ಲಿ ಬದಲಾವಣೆ ಉಂಟಾದರೆ, ಮಧುಮೇಹ ಅಥವಾ ಹೃದಯ ಸಂಬಂಧಿ ಸಮಸ್ಯೆಗಳಿರುವವರು ವೈದ್ಯರನ್ನು ಸಂಪರ್ಕಿಸದೆ ಮಧ್ಯಾಹ್ನದ ನಿದ್ರೆ ಮಾಡಬಾರದು. ಸಾಧ್ಯವಾದಷ್ಟು ಮಧ್ಯಾಹ್ನ 1 ರಿಂದ 3 ಗಂಟೆಯ ನಡುವೆ ಮಾತ್ರ ಮಲಗುವುದು ಉತ್ತಮ. ಬಹಳ ದೀರ್ಘ ನಿದ್ರೆ ನಿಮ್ಮ ಆರೋಗ್ಯದ ಮೇಲೆ ಪ್ರತಿಕೂಲ ಪರಿಣಾಮ ಬೀರುತ್ತದೆ.

▸ ನಿದ್ರೆಯ ಗುಣಮಟ್ಟವನ್ನು ಸುಧಾರಿಸುವುದು ಹೇಗೆ

ನಿದ್ದೆ ಮನಸ್ಸು ಮತ್ತು ದೇಹ ಎರಡಕ್ಕೂ ಅತ್ಯಗತ್ಯ. ಆರೋಗ್ಯವಾಗಿರಲು ತಜ್ಞರು 7– 8 ಗಂಟೆ ನಿದ್ದೆ ಮಾಡುವುದಕ್ಕೆ ಶಿಫಾರಸು ಮಾಡುತ್ತಾರೆ. ಆದರೆ ಕೇವಲ ದೀರ್ಘ ಸಮಯ ನಿದ್ದೆ ಮಾಡುವುದಷ್ಟೇ ಅಲ್ಲ, ಗುಣಮಟ್ಟದ ನಿದ್ರೆ ಮಾಡುವುದು ಸಹ ಅತ್ಯಗತ್ಯ. ಮಾತ್ರವಲ್ಲ ಕೆಲವರು ನಿದ್ದೆ ಮಾಡಿದಾಗ ಆಗಾಗ ನಾನಾ ರೀತಿಯ ಅಡಚಣೆಗಳನ್ನು ಎದುರಿಸುತ್ತಾರೆ. ಇಂತಹ ಸಂದರ್ಭಗಳಲ್ಲಿ, ನಿದ್ರೆಯ ಗುಣಮಟ್ಟವನ್ನು ಸುಧಾರಿಸಲು ಬಹಳ ಮುಖ್ಯ. ನಿಮಗೂ ಕೂಡ ನಿದ್ರೆ ಬಾರದಿದ್ದರೆ, ಈ ಕೆಳಗಿನ ಸಲಹೆಗಳು ನಿಮಗೆ ಉಪಯುಕ್ತವಾಗಬಹುದು. ಇವು ಉತ್ತಮ ನಿದ್ರೆಗಾಗಿ ಸಹಾಯ ಮಾಡುತ್ತವೆ. ನೀವು ಯೋಗ ಮಾಡಬಹುದು, ಬಾಲಾಸನ ಶವಾಸನ ಅನುಲೋಮ– ವಿಲೋಮ (ಪರ್ಯಾಯ ಮೂಗಿನ ಹೊಳ್ಳೆ ಉಸಿರಾಟ) ಮತ್ತು ಭ್ರಮರಿ ಪ್ರಾಣಾಯಾಮವನ್ನು ಮಾಡಬಹುದು. ಇದರ ಜೊತೆಗೆ ಮಲಗುವ ಸಮಯಕ್ಕೆ ಒಂದು ಗಂಟೆ ಮೊದಲು ನಿಮ್ಮ ಮೊಬೈಲ್ ಫೋನ್ ಅಥವಾ ಲ್ಯಾಪ್‌ಟಾಪ್ ಬಳಸುವುದನ್ನು ತಪ್ಪಿಸಿ. ರಾತ್ರಿಯಲ್ಲಿ ಕೆಫೀನ್ ಸೇವನೆ ಮಾಡಬೇಡಿ.

C
M
Y
K
C
M
Y
K
